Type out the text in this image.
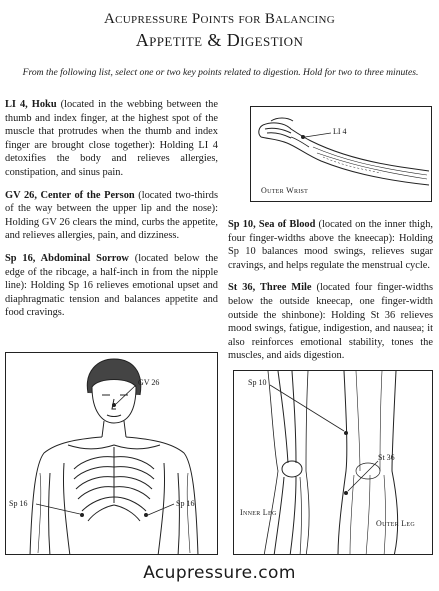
Acupressure Points for Balancing
Appetite & Digestion
From the following list, select one or two key points related to digestion. Hold for two to three minutes.

LI 4, Hoku (located in the webbing between the thumb and index finger, at the highest spot of the muscle that protrudes when the thumb and index finger are brought close together): Holding LI 4 detoxifies the body and relieves allergies, constipation, and sinus pain.

GV 26, Center of the Person (located two-thirds of the way between the upper lip and the nose): Holding GV 26 clears the mind, curbs the appetite, and relieves allergies, pain, and dizziness.

Sp 16, Abdominal Sorrow (located below the edge of the ribcage, a half-inch in from the nipple line): Holding Sp 16 relieves emotional upset and diaphragmatic tension and balances appetite and food cravings.

Sp 10, Sea of Blood (located on the inner thigh, four finger-widths above the kneecap): Holding Sp 10 balances mood swings, relieves sugar cravings, and helps regulate the menstrual cycle.

St 36, Three Mile (located four finger-widths below the outside kneecap, one finger-width outside the shinbone): Holding St 36 relieves mood swings, fatigue, indigestion, and nausea; it also reinforces emotional stability, tones the muscles, and aids digestion.

LI 4
Outer Wrist
GV 26
Sp 16	Sp 16
Sp 10
St 36
Inner Leg
Outer Leg
Acupressure.com
